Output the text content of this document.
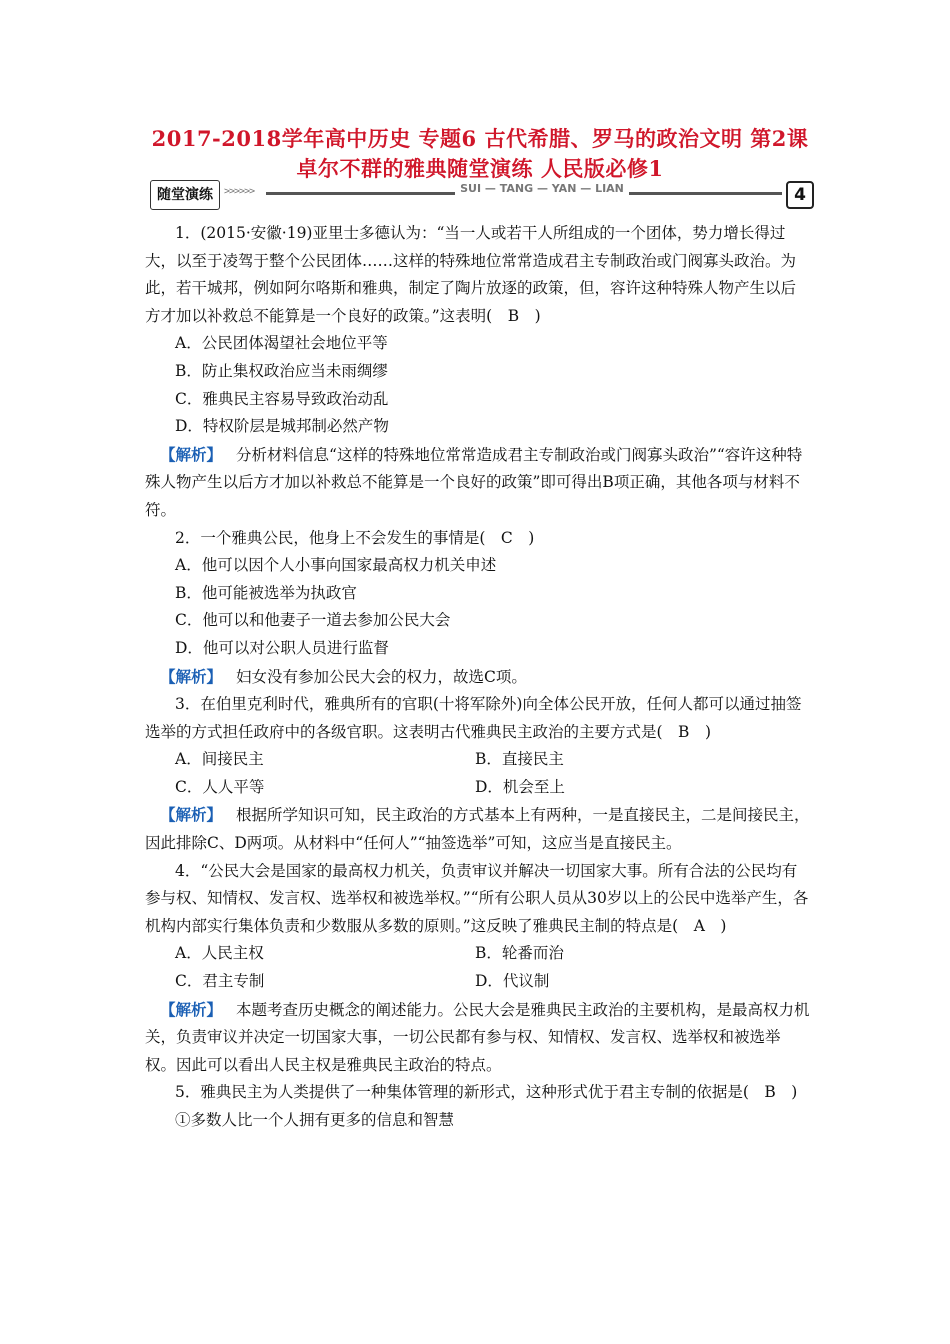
2017-2018学年高中历史 专题6 古代希腊、罗马的政治文明 第2课 卓尔不群的雅典随堂演练 人民版必修1
随堂演练	>>>>>>	SUI — TANG — YAN — LIAN	4

1．(2015·安徽·19)亚里士多德认为：“当一人或若干人所组成的一个团体，势力增长得过大，以至于凌驾于整个公民团体……这样的特殊地位常常造成君主专制政治或门阀寡头政治。为此，若干城邦，例如阿尔咯斯和雅典，制定了陶片放逐的政策，但，容许这种特殊人物产生以后方才加以补救总不能算是一个良好的政策。”这表明(　B　)

A．公民团体渴望社会地位平等

B．防止集权政治应当未雨绸缪

C．雅典民主容易导致政治动乱

D．特权阶层是城邦制必然产物

【解析】 分析材料信息“这样的特殊地位常常造成君主专制政治或门阀寡头政治”“容许这种特殊人物产生以后方才加以补救总不能算是一个良好的政策”即可得出B项正确，其他各项与材料不符。

2．一个雅典公民，他身上不会发生的事情是(　C　)

A．他可以因个人小事向国家最高权力机关申述

B．他可能被选举为执政官

C．他可以和他妻子一道去参加公民大会

D．他可以对公职人员进行监督

【解析】 妇女没有参加公民大会的权力，故选C项。

3．在伯里克利时代，雅典所有的官职(十将军除外)向全体公民开放，任何人都可以通过抽签选举的方式担任政府中的各级官职。这表明古代雅典民主政治的主要方式是(　B　)

A．间接民主	B．直接民主
C．人人平等	D．机会至上

【解析】 根据所学知识可知，民主政治的方式基本上有两种，一是直接民主，二是间接民主，因此排除C、D两项。从材料中“任何人”“抽签选举”可知，这应当是直接民主。

4．“公民大会是国家的最高权力机关，负责审议并解决一切国家大事。所有合法的公民均有参与权、知情权、发言权、选举权和被选举权。”“所有公职人员从30岁以上的公民中选举产生，各机构内部实行集体负责和少数服从多数的原则。”这反映了雅典民主制的特点是(　A　)

A．人民主权	B．轮番而治
C．君主专制	D．代议制

【解析】 本题考查历史概念的阐述能力。公民大会是雅典民主政治的主要机构，是最高权力机关，负责审议并决定一切国家大事，一切公民都有参与权、知情权、发言权、选举权和被选举权。因此可以看出人民主权是雅典民主政治的特点。

5．雅典民主为人类提供了一种集体管理的新形式，这种形式优于君主专制的依据是(　B　)

①多数人比一个人拥有更多的信息和智慧
